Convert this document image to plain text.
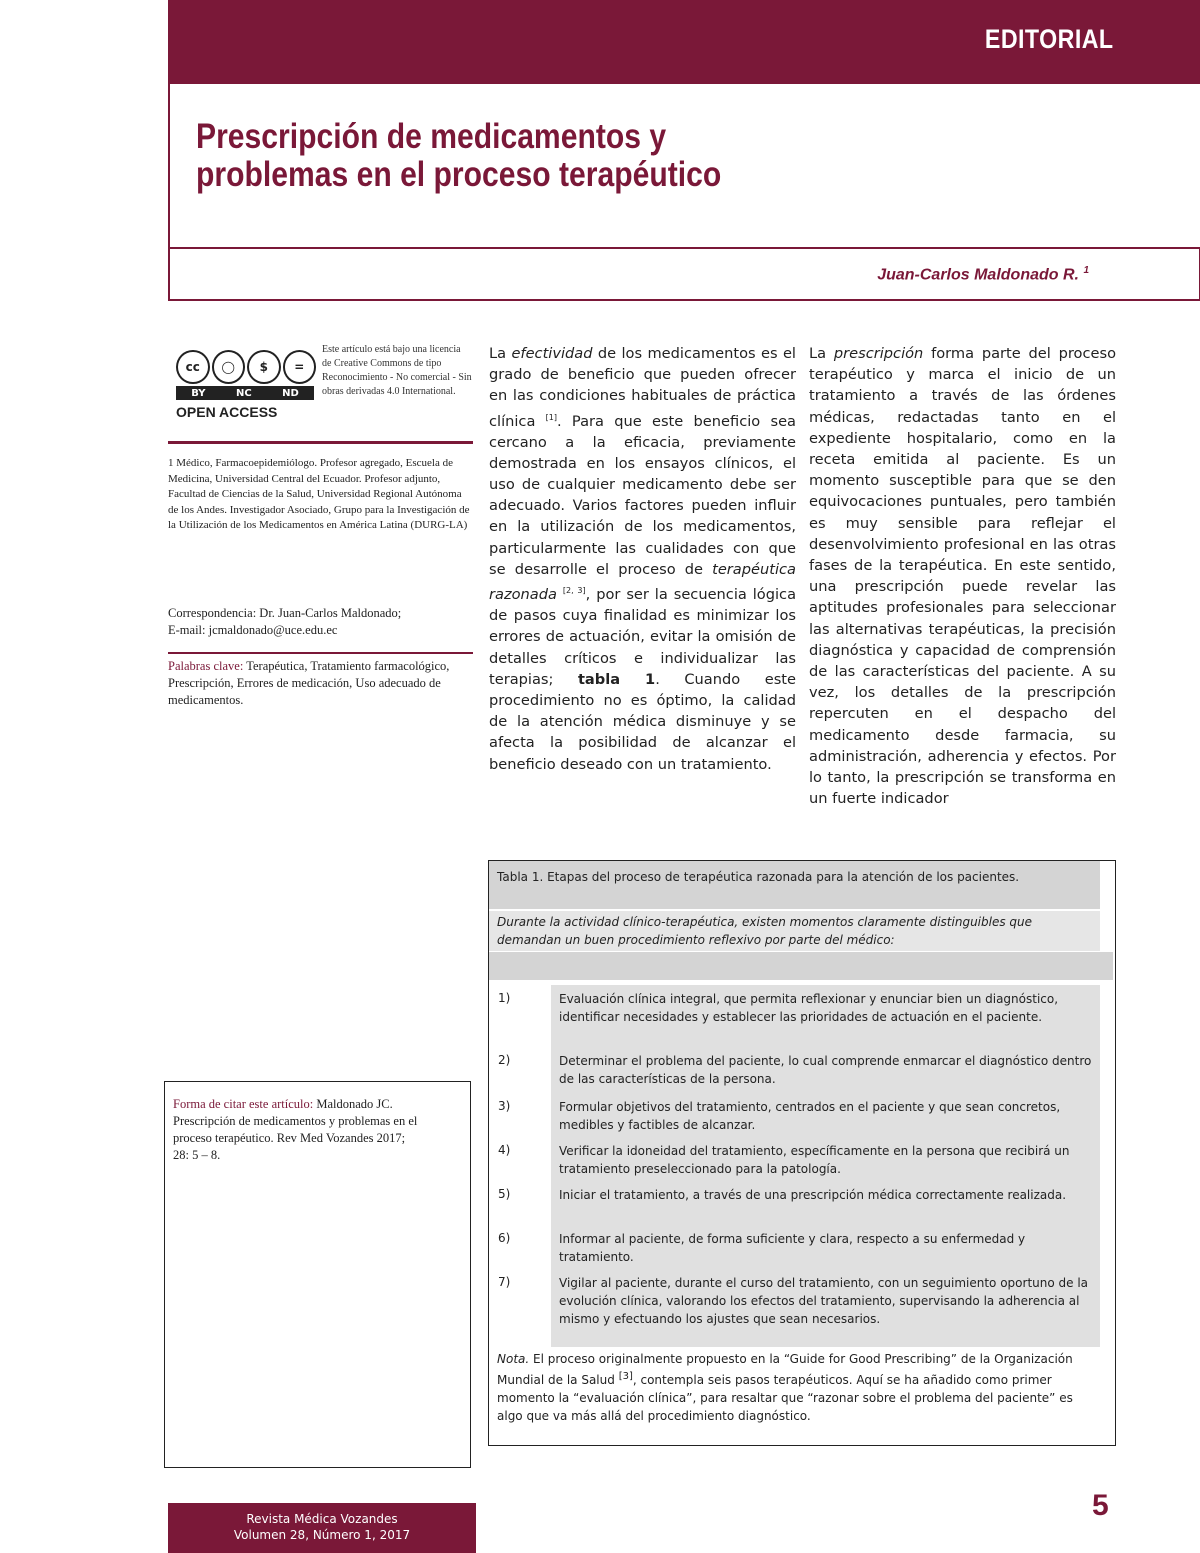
EDITORIAL
Prescripción de medicamentos y problemas en el proceso terapéutico
Juan-Carlos Maldonado R. $^1$
cc	◯	$	=
BY	NC	ND
OPEN ACCESS
Este artículo está bajo una licencia de Creative Commons de tipo Reconocimiento - No comercial - Sin obras derivadas 4.0 International.
1 Médico, Farmacoepidemiólogo. Profesor agregado, Escuela de Medicina, Universidad Central del Ecuador. Profesor adjunto, Facultad de Ciencias de la Salud, Universidad Regional Autónoma de los Andes. Investigador Asociado, Grupo para la Investigación de la Utilización de los Medicamentos en América Latina (DURG-LA)
Correspondencia: Dr. Juan-Carlos Maldonado;
E-mail: jcmaldonado@uce.edu.ec
Palabras clave: Terapéutica, Tratamiento farmacológico, Prescripción, Errores de medicación, Uso adecuado de medicamentos.
Forma de citar este artículo: Maldonado JC. Prescripción de medicamentos y problemas en el proceso terapéutico. Rev Med Vozandes 2017; 28: 5 – 8.
La efectividad de los medicamentos es el grado de beneficio que pueden ofrecer en las condiciones habituales de práctica clínica [1]. Para que este beneficio sea cercano a la eficacia, previamente demostrada en los ensayos clínicos, el uso de cualquier medicamento debe ser adecuado. Varios factores pueden influir en la utilización de los medicamentos, particularmente las cualidades con que se desarrolle el proceso de terapéutica razonada [2, 3], por ser la secuencia lógica de pasos cuya finalidad es minimizar los errores de actuación, evitar la omisión de detalles críticos e individualizar las terapias; tabla 1. Cuando este procedimiento no es óptimo, la calidad de la atención médica disminuye y se afecta la posibilidad de alcanzar el beneficio deseado con un tratamiento.
La prescripción forma parte del proceso terapéutico y marca el inicio de un tratamiento a través de las órdenes médicas, redactadas tanto en el expediente hospitalario, como en la receta emitida al paciente. Es un momento susceptible para que se den equivocaciones puntuales, pero también es muy sensible para reflejar el desenvolvimiento profesional en las otras fases de la terapéutica. En este sentido, una prescripción puede revelar las aptitudes profesionales para seleccionar las alternativas terapéuticas, la precisión diagnóstica y capacidad de comprensión de las características del paciente. A su vez, los detalles de la prescripción repercuten en el despacho del medicamento desde farmacia, su administración, adherencia y efectos. Por lo tanto, la prescripción se transforma en un fuerte indicador
Tabla 1. Etapas del proceso de terapéutica razonada para la atención de los pacientes.
Durante la actividad clínico-terapéutica, existen momentos claramente distinguibles que demandan un buen procedimiento reflexivo por parte del médico:
1)	Evaluación clínica integral, que permita reflexionar y enunciar bien un diagnóstico, identificar necesidades y establecer las prioridades de actuación en el paciente.
2)	Determinar el problema del paciente, lo cual comprende enmarcar el diagnóstico dentro de las características de la persona.
3)	Formular objetivos del tratamiento, centrados en el paciente y que sean concretos, medibles y factibles de alcanzar.
4)	Verificar la idoneidad del tratamiento, específicamente en la persona que recibirá un tratamiento preseleccionado para la patología.
5)	Iniciar el tratamiento, a través de una prescripción médica correctamente realizada.
6)	Informar al paciente, de forma suficiente y clara, respecto a su enfermedad y tratamiento.
7)	Vigilar al paciente, durante el curso del tratamiento, con un seguimiento oportuno de la evolución clínica, valorando los efectos del tratamiento, supervisando la adherencia al mismo y efectuando los ajustes que sean necesarios.
Nota. El proceso originalmente propuesto en la “Guide for Good Prescribing” de la Organización Mundial de la Salud [3], contempla seis pasos terapéuticos. Aquí se ha añadido como primer momento la “evaluación clínica”, para resaltar que “razonar sobre el problema del paciente” es algo que va más allá del procedimiento diagnóstico.
Revista Médica Vozandes
Volumen 28, Número 1, 2017
5
